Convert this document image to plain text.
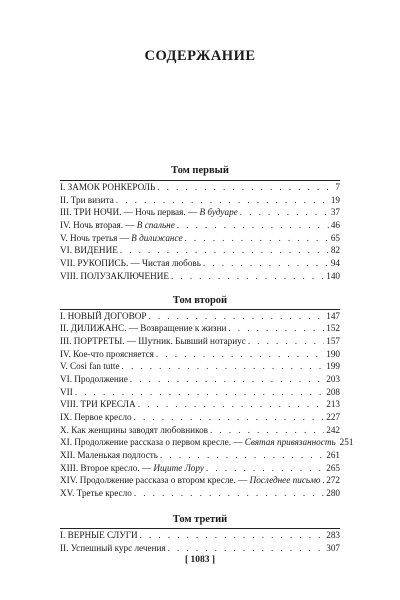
СОДЕРЖАНИЕ
Том первый
I. ЗАМОК РОНКЕРОЛЬ . . .	7
II. Три визита . . .	19
III. ТРИ НОЧИ. — Ночь первая. — В будуаре . . .	37
IV. Ночь вторая. — В спальне . . .	46
V. Ночь третья — В дилижансе . . .	65
VI. ВИДЕНИЕ . . .	82
VII. РУКОПИСЬ. — Чистая любовь . . .	94
VIII. ПОЛУЗАКЛЮЧЕНИЕ . . .	140
Том второй
I. НОВЫЙ ДОГОВОР . . .	147
II. ДИЛИЖАНС. — Возвращение к жизни . . .	152
III. ПОРТРЕТЫ. — Шутник. Бывший нотариус . . .	157
IV. Кое-что проясняется . . .	190
V. Cosi fan tutte . . .	199
VI. Продолжение . . .	203
VII . . .	208
VIII. ТРИ КРЕСЛА . . .	213
IX. Первое кресло . . .	227
X. Как женщины заводят любовников . . .	242
XI. Продолжение рассказа о первом кресле. — Святая привязанность 251
XII. Маленькая подлость . . .	261
XIII. Второе кресло. — Ищите Лору . . .	265
XIV. Продолжение рассказа о втором кресле. — Последнее письмо . . . 272
XV. Третье кресло . . .	280
Том третий
I. ВЕРНЫЕ СЛУГИ . . .	283
II. Успешный курс лечения . . .	307
[ 1083 ]
